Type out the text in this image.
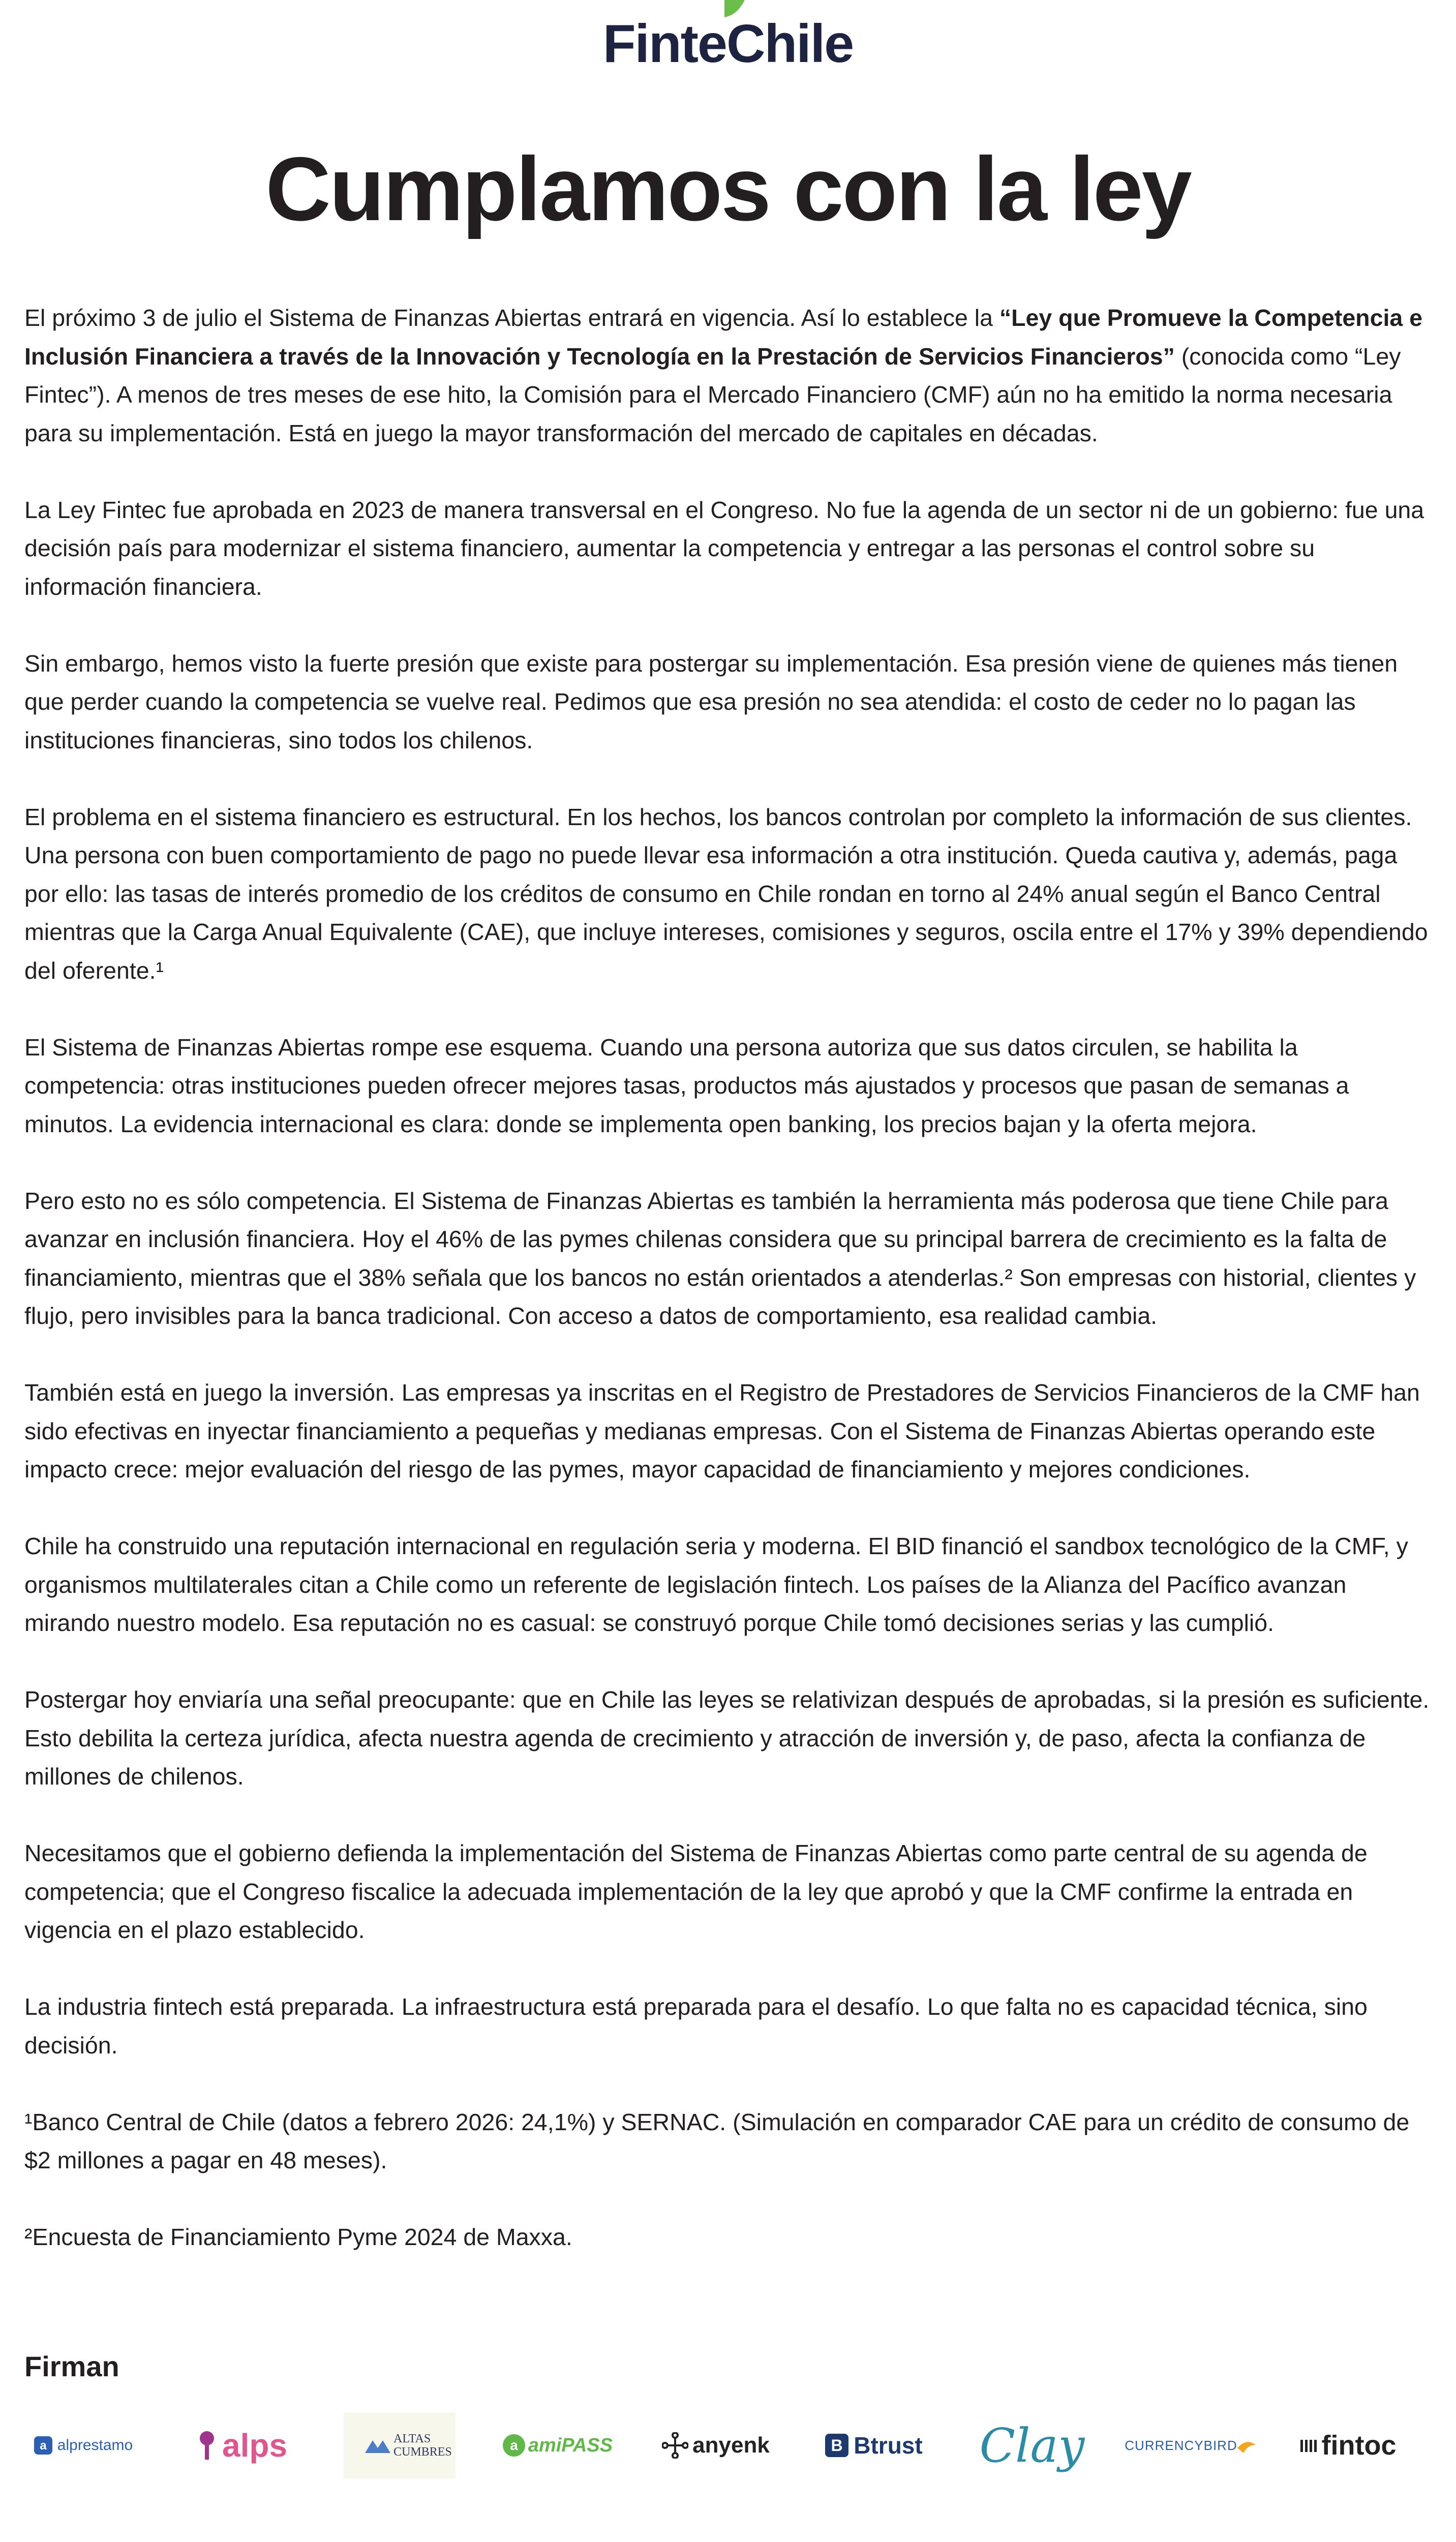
FinteChile
Cumplamos con la ley

El próximo 3 de julio el Sistema de Finanzas Abiertas entrará en vigencia. Así lo establece la “Ley que Promueve la Competencia e Inclusión Financiera a través de la Innovación y Tecnología en la Prestación de Servicios Financieros” (conocida como “Ley Fintec”). A menos de tres meses de ese hito, la Comisión para el Mercado Financiero (CMF) aún no ha emitido la norma necesaria para su implementación. Está en juego la mayor transformación del mercado de capitales en décadas.

La Ley Fintec fue aprobada en 2023 de manera transversal en el Congreso. No fue la agenda de un sector ni de un gobierno: fue una decisión país para modernizar el sistema financiero, aumentar la competencia y entregar a las personas el control sobre su información financiera.

Sin embargo, hemos visto la fuerte presión que existe para postergar su implementación. Esa presión viene de quienes más tienen que perder cuando la competencia se vuelve real. Pedimos que esa presión no sea atendida: el costo de ceder no lo pagan las instituciones financieras, sino todos los chilenos.

El problema en el sistema financiero es estructural. En los hechos, los bancos controlan por completo la información de sus clientes. Una persona con buen comportamiento de pago no puede llevar esa información a otra institución. Queda cautiva y, además, paga por ello: las tasas de interés promedio de los créditos de consumo en Chile rondan en torno al 24% anual según el Banco Central mientras que la Carga Anual Equivalente (CAE), que incluye intereses, comisiones y seguros, oscila entre el 17% y 39% dependiendo del oferente.¹

El Sistema de Finanzas Abiertas rompe ese esquema. Cuando una persona autoriza que sus datos circulen, se habilita la competencia: otras instituciones pueden ofrecer mejores tasas, productos más ajustados y procesos que pasan de semanas a minutos. La evidencia internacional es clara: donde se implementa open banking, los precios bajan y la oferta mejora.

Pero esto no es sólo competencia. El Sistema de Finanzas Abiertas es también la herramienta más poderosa que tiene Chile para avanzar en inclusión financiera. Hoy el 46% de las pymes chilenas considera que su principal barrera de crecimiento es la falta de financiamiento, mientras que el 38% señala que los bancos no están orientados a atenderlas.² Son empresas con historial, clientes y flujo, pero invisibles para la banca tradicional. Con acceso a datos de comportamiento, esa realidad cambia.

También está en juego la inversión. Las empresas ya inscritas en el Registro de Prestadores de Servicios Financieros de la CMF han sido efectivas en inyectar financiamiento a pequeñas y medianas empresas. Con el Sistema de Finanzas Abiertas operando este impacto crece: mejor evaluación del riesgo de las pymes, mayor capacidad de financiamiento y mejores condiciones.

Chile ha construido una reputación internacional en regulación seria y moderna. El BID financió el sandbox tecnológico de la CMF, y organismos multilaterales citan a Chile como un referente de legislación fintech. Los países de la Alianza del Pacífico avanzan mirando nuestro modelo. Esa reputación no es casual: se construyó porque Chile tomó decisiones serias y las cumplió.

Postergar hoy enviaría una señal preocupante: que en Chile las leyes se relativizan después de aprobadas, si la presión es suficiente. Esto debilita la certeza jurídica, afecta nuestra agenda de crecimiento y atracción de inversión y, de paso, afecta la confianza de millones de chilenos.

Necesitamos que el gobierno defienda la implementación del Sistema de Finanzas Abiertas como parte central de su agenda de competencia; que el Congreso fiscalice la adecuada implementación de la ley que aprobó y que la CMF confirme la entrada en vigencia en el plazo establecido.

La industria fintech está preparada. La infraestructura está preparada para el desafío. Lo que falta no es capacidad técnica, sino decisión.

¹Banco Central de Chile (datos a febrero 2026: 24,1%) y SERNAC. (Simulación en comparador CAE para un crédito de consumo de $2 millones a pagar en 48 meses).

²Encuesta de Financiamiento Pyme 2024 de Maxxa.

Firman
a alprestamo	alps	ALTAS CUMBRES	a amiPASS	anyenk	B Btrust Clay	CURRENCYBIRD	fintoc
